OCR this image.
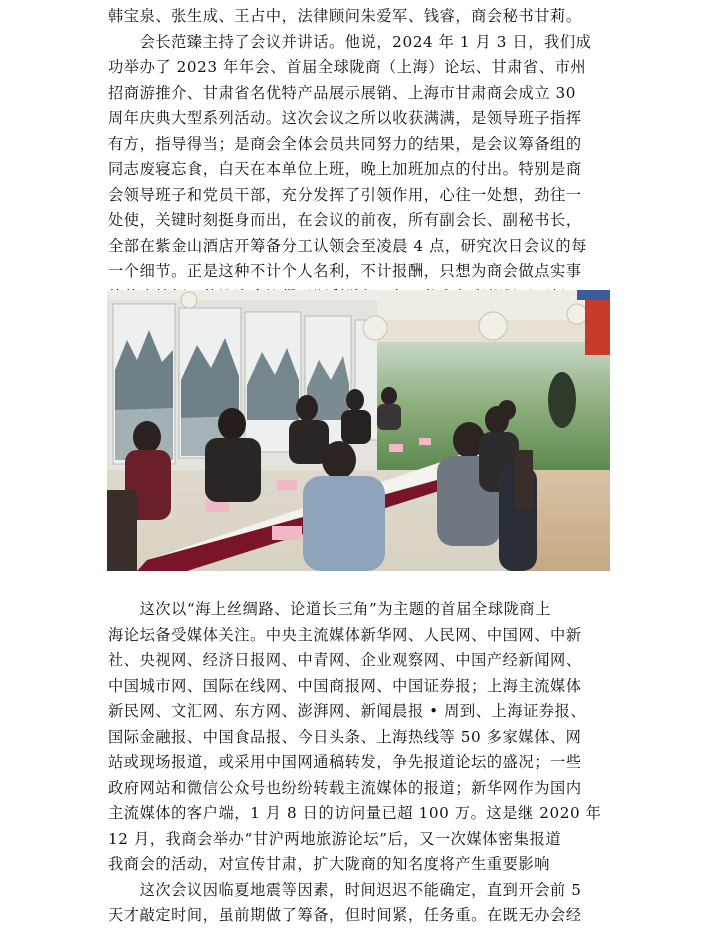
韩宝泉、张生成、王占中，法律顾问朱爱军、钱睿，商会秘书甘莉。
　　会长范臻主持了会议并讲话。他说，2024 年 1 月 3 日，我们成
功举办了 2023 年年会、首届全球陇商（上海）论坛、甘肃省、市州
招商游推介、甘肃省名优特产品展示展销、上海市甘肃商会成立 30
周年庆典大型系列活动。这次会议之所以收获满满，是领导班子指挥
有方，指导得当；是商会全体会员共同努力的结果，是会议筹备组的
同志废寝忘食，白天在本单位上班，晚上加班加点的付出。特别是商
会领导班子和党员干部，充分发挥了引领作用，心往一处想，劲往一
处使，关键时刻挺身而出，在会议的前夜，所有副会长、副秘书长，
全部在紫金山酒店开筹备分工认领会至凌晨 4 点，研究次日会议的每
一个细节。正是这种不计个人名利，不计报酬，只想为商会做点实事
　　这次以“海上丝绸路、论道长三角”为主题的首届全球陇商上
海论坛备受媒体关注。中央主流媒体新华网、人民网、中国网、中新
社、央视网、经济日报网、中青网、企业观察网、中国产经新闻网、
中国城市网、国际在线网、中国商报网、中国证券报；上海主流媒体
新民网、文汇网、东方网、澎湃网、新闻晨报 • 周到、上海证券报、
国际金融报、中国食品报、今日头条、上海热线等 50 多家媒体、网
站或现场报道，或采用中国网通稿转发，争先报道论坛的盛况；一些
政府网站和微信公众号也纷纷转载主流媒体的报道；新华网作为国内
主流媒体的客户端，1 月 8 日的访问量已超 100 万。这是继 2020 年
12 月，我商会举办“甘沪两地旅游论坛”后，又一次媒体密集报道
我商会的活动，对宣传甘肃，扩大陇商的知名度将产生重要影响
　　这次会议因临夏地震等因素，时间迟迟不能确定，直到开会前 5
天才敲定时间，虽前期做了筹备，但时间紧，任务重。在既无办会经
